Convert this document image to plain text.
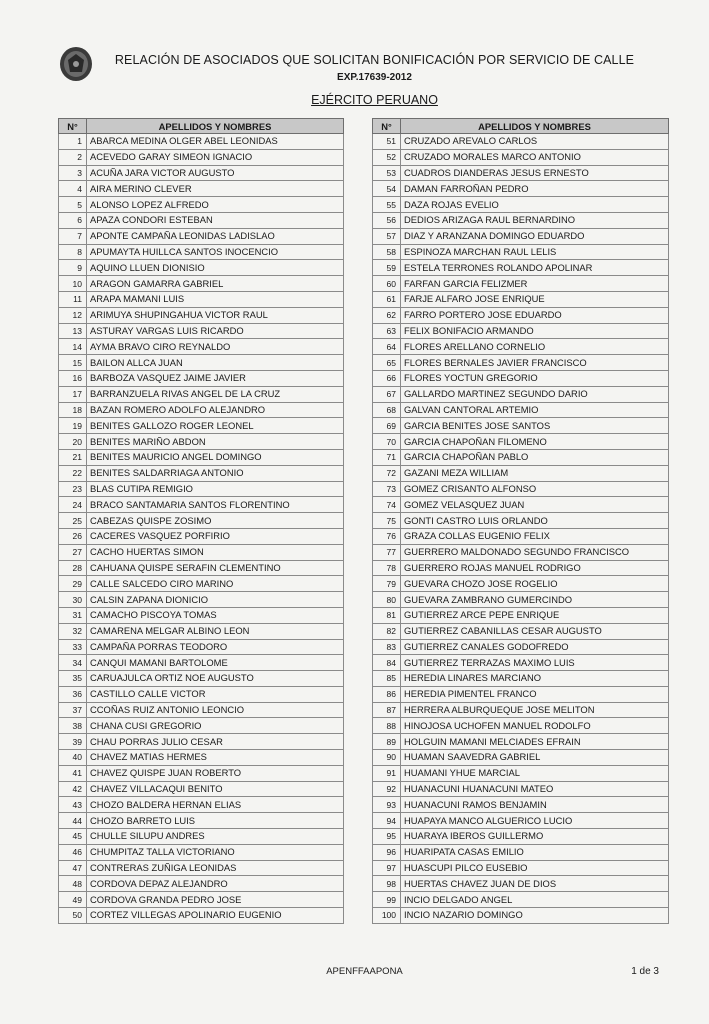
RELACIÓN DE ASOCIADOS QUE SOLICITAN BONIFICACIÓN POR SERVICIO DE CALLE
EXP.17639-2012
EJÉRCITO PERUANO
N°	APELLIDOS Y NOMBRES
1	ABARCA MEDINA OLGER ABEL LEONIDAS
2	ACEVEDO GARAY SIMEON IGNACIO
3	ACUÑA JARA VICTOR AUGUSTO
4	AIRA MERINO CLEVER
5	ALONSO LOPEZ ALFREDO
6	APAZA CONDORI ESTEBAN
7	APONTE CAMPAÑA LEONIDAS LADISLAO
8	APUMAYTA HUILLCA SANTOS INOCENCIO
9	AQUINO LLUEN DIONISIO
10	ARAGON GAMARRA GABRIEL
11	ARAPA MAMANI LUIS
12	ARIMUYA SHUPINGAHUA VICTOR RAUL
13	ASTURAY VARGAS LUIS RICARDO
14	AYMA BRAVO CIRO REYNALDO
15	BAILON ALLCA JUAN
16	BARBOZA VASQUEZ JAIME JAVIER
17	BARRANZUELA RIVAS ANGEL DE LA CRUZ
18	BAZAN ROMERO ADOLFO ALEJANDRO
19	BENITES GALLOZO ROGER LEONEL
20	BENITES MARIÑO ABDON
21	BENITES MAURICIO ANGEL DOMINGO
22	BENITES SALDARRIAGA ANTONIO
23	BLAS CUTIPA REMIGIO
24	BRACO SANTAMARIA SANTOS FLORENTINO
25	CABEZAS QUISPE ZOSIMO
26	CACERES VASQUEZ PORFIRIO
27	CACHO HUERTAS SIMON
28	CAHUANA QUISPE SERAFIN CLEMENTINO
29	CALLE SALCEDO CIRO MARINO
30	CALSIN ZAPANA DIONICIO
31	CAMACHO PISCOYA TOMAS
32	CAMARENA MELGAR ALBINO LEON
33	CAMPAÑA PORRAS TEODORO
34	CANQUI MAMANI BARTOLOME
35	CARUAJULCA ORTIZ NOE AUGUSTO
36	CASTILLO CALLE VICTOR
37	CCOÑAS RUIZ ANTONIO LEONCIO
38	CHANA CUSI GREGORIO
39	CHAU PORRAS JULIO CESAR
40	CHAVEZ MATIAS HERMES
41	CHAVEZ QUISPE JUAN ROBERTO
42	CHAVEZ VILLACAQUI BENITO
43	CHOZO BALDERA HERNAN ELIAS
44	CHOZO BARRETO LUIS
45	CHULLE SILUPU ANDRES
46	CHUMPITAZ TALLA VICTORIANO
47	CONTRERAS ZUÑIGA LEONIDAS
48	CORDOVA DEPAZ ALEJANDRO
49	CORDOVA GRANDA PEDRO JOSE
50	CORTEZ VILLEGAS APOLINARIO EUGENIO
N°	APELLIDOS Y NOMBRES
51	CRUZADO AREVALO CARLOS
52	CRUZADO MORALES MARCO ANTONIO
53	CUADROS DIANDERAS JESUS ERNESTO
54	DAMAN FARROÑAN PEDRO
55	DAZA ROJAS EVELIO
56	DEDIOS ARIZAGA RAUL BERNARDINO
57	DIAZ Y ARANZANA DOMINGO EDUARDO
58	ESPINOZA MARCHAN RAUL LELIS
59	ESTELA TERRONES ROLANDO APOLINAR
60	FARFAN GARCIA FELIZMER
61	FARJE ALFARO JOSE ENRIQUE
62	FARRO PORTERO JOSE EDUARDO
63	FELIX BONIFACIO ARMANDO
64	FLORES ARELLANO CORNELIO
65	FLORES BERNALES JAVIER FRANCISCO
66	FLORES YOCTUN GREGORIO
67	GALLARDO MARTINEZ SEGUNDO DARIO
68	GALVAN CANTORAL ARTEMIO
69	GARCIA BENITES JOSE SANTOS
70	GARCIA CHAPOÑAN FILOMENO
71	GARCIA CHAPOÑAN PABLO
72	GAZANI MEZA WILLIAM
73	GOMEZ CRISANTO ALFONSO
74	GOMEZ VELASQUEZ JUAN
75	GONTI CASTRO LUIS ORLANDO
76	GRAZA COLLAS EUGENIO FELIX
77	GUERRERO MALDONADO SEGUNDO FRANCISCO
78	GUERRERO ROJAS MANUEL RODRIGO
79	GUEVARA CHOZO JOSE ROGELIO
80	GUEVARA ZAMBRANO GUMERCINDO
81	GUTIERREZ ARCE PEPE ENRIQUE
82	GUTIERREZ CABANILLAS CESAR AUGUSTO
83	GUTIERREZ CANALES GODOFREDO
84	GUTIERREZ TERRAZAS MAXIMO LUIS
85	HEREDIA LINARES MARCIANO
86	HEREDIA PIMENTEL FRANCO
87	HERRERA ALBURQUEQUE JOSE MELITON
88	HINOJOSA UCHOFEN MANUEL RODOLFO
89	HOLGUIN MAMANI MELCIADES EFRAIN
90	HUAMAN SAAVEDRA GABRIEL
91	HUAMANI YHUE MARCIAL
92	HUANACUNI HUANACUNI MATEO
93	HUANACUNI RAMOS BENJAMIN
94	HUAPAYA MANCO ALGUERICO LUCIO
95	HUARAYA IBEROS GUILLERMO
96	HUARIPATA CASAS EMILIO
97	HUASCUPI PILCO EUSEBIO
98	HUERTAS CHAVEZ JUAN DE DIOS
99	INCIO DELGADO ANGEL
100	INCIO NAZARIO DOMINGO
APENFFAAPONA	1 de 3
